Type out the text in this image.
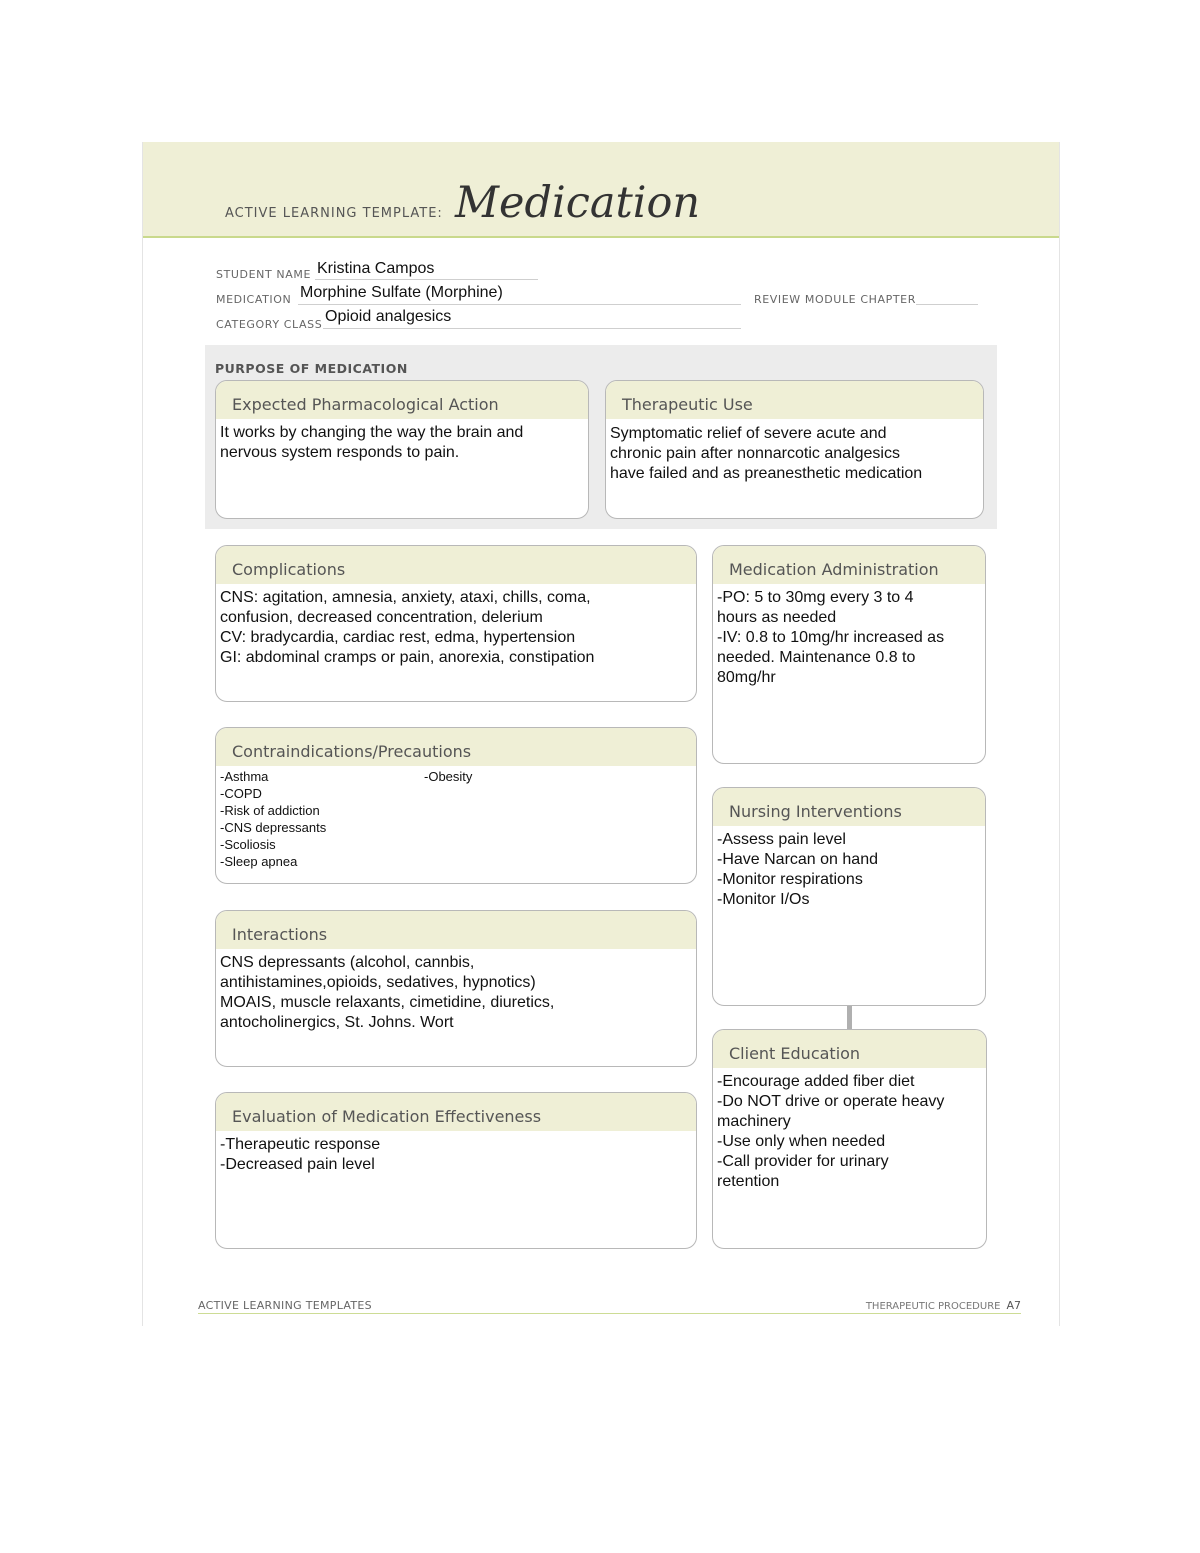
ACTIVE LEARNING TEMPLATE: Medication
STUDENT NAME Kristina Campos
MEDICATION Morphine Sulfate (Morphine)	REVIEW MODULE CHAPTER
CATEGORY CLASS Opioid analgesics
PURPOSE OF MEDICATION
Expected Pharmacological Action
It works by changing the way the brain and
nervous system responds to pain.
Therapeutic Use
Symptomatic relief of severe acute and
chronic pain after nonnarcotic analgesics
have failed and as preanesthetic medication
Complications
CNS: agitation, amnesia, anxiety, ataxi, chills, coma,
confusion, decreased concentration, delerium
CV: bradycardia, cardiac rest, edma, hypertension
GI: abdominal cramps or pain, anorexia, constipation
Contraindications/Precautions
-Asthma
-COPD
-Risk of addiction
-CNS depressants
-Scoliosis
-Sleep apnea
-Obesity
Interactions
CNS depressants (alcohol, cannbis,
antihistamines,opioids, sedatives, hypnotics)
MOAIS, muscle relaxants, cimetidine, diuretics,
antocholinergics, St. Johns. Wort
Evaluation of Medication Effectiveness
-Therapeutic response
-Decreased pain level
Medication Administration
-PO: 5 to 30mg every 3 to 4
hours as needed
-IV: 0.8 to 10mg/hr increased as
needed. Maintenance 0.8 to
80mg/hr
Nursing Interventions
-Assess pain level
-Have Narcan on hand
-Monitor respirations
-Monitor I/Os
Client Education
-Encourage added fiber diet
-Do NOT drive or operate heavy
machinery
-Use only when needed
-Call provider for urinary
retention
ACTIVE LEARNING TEMPLATES	THERAPEUTIC PROCEDURE A7
